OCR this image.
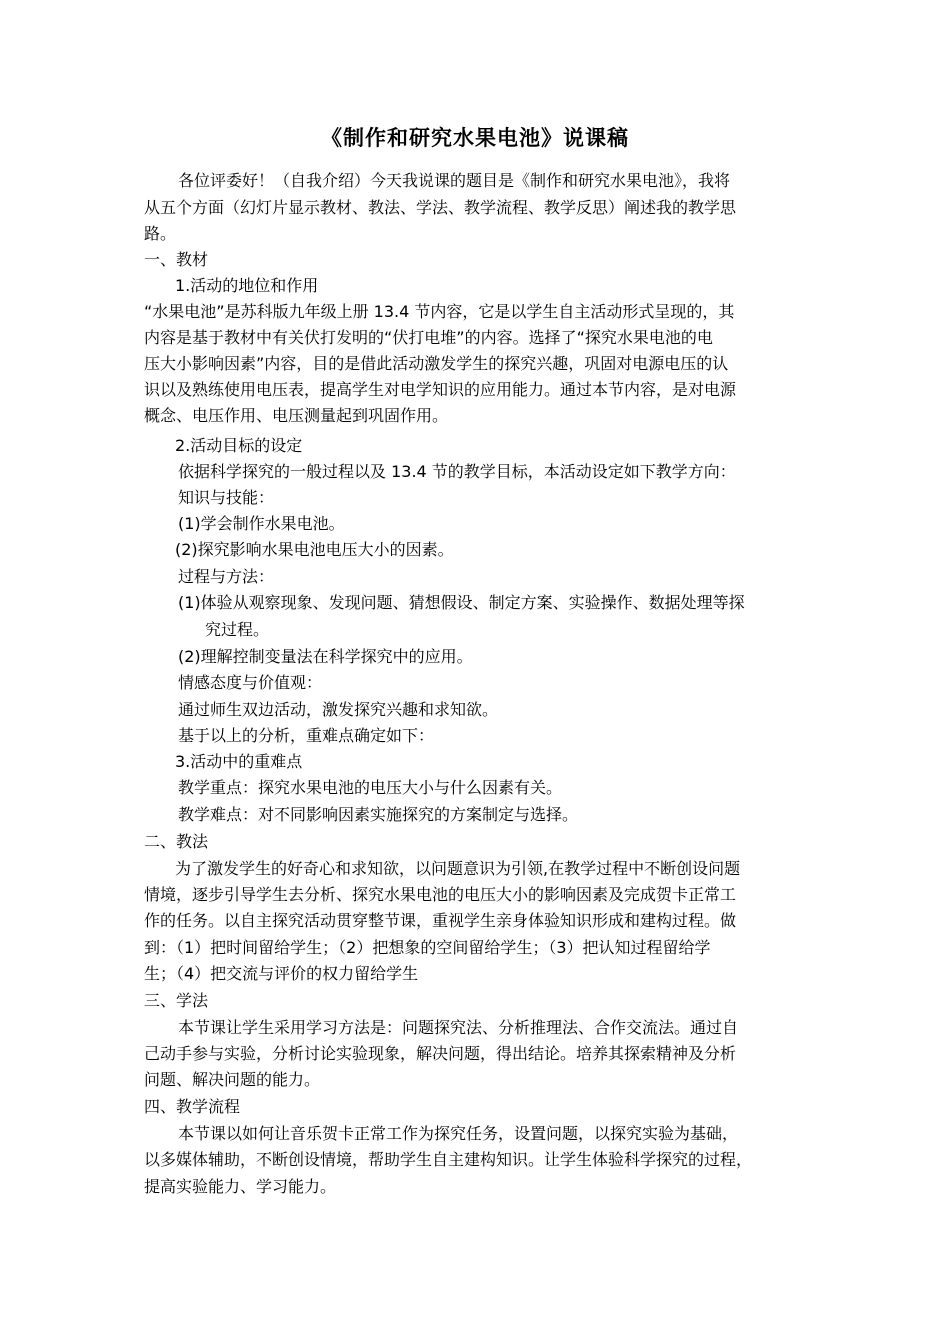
《制作和研究水果电池》说课稿
各位评委好！（自我介绍）今天我说课的题目是《制作和研究水果电池》，我将
从五个方面（幻灯片显示教材、教法、学法、教学流程、教学反思）阐述我的教学思
路。
一、教材
1.活动的地位和作用
“水果电池”是苏科版九年级上册 13.4 节内容，它是以学生自主活动形式呈现的，其
内容是基于教材中有关伏打发明的“伏打电堆”的内容。选择了“探究水果电池的电
压大小影响因素”内容，目的是借此活动激发学生的探究兴趣，巩固对电源电压的认
识以及熟练使用电压表，提高学生对电学知识的应用能力。通过本节内容，是对电源
概念、电压作用、电压测量起到巩固作用。
2.活动目标的设定
依据科学探究的一般过程以及 13.4 节的教学目标，本活动设定如下教学方向：
知识与技能：
(1)学会制作水果电池。
(2)探究影响水果电池电压大小的因素。
过程与方法：
(1)体验从观察现象、发现问题、猜想假设、制定方案、实验操作、数据处理等探
究过程。
(2)理解控制变量法在科学探究中的应用。
情感态度与价值观：
通过师生双边活动，激发探究兴趣和求知欲。
基于以上的分析，重难点确定如下：
3.活动中的重难点
教学重点：探究水果电池的电压大小与什么因素有关。
教学难点：对不同影响因素实施探究的方案制定与选择。
二、教法
为了激发学生的好奇心和求知欲，以问题意识为引领,在教学过程中不断创设问题
情境，逐步引导学生去分析、探究水果电池的电压大小的影响因素及完成贺卡正常工
作的任务。以自主探究活动贯穿整节课，重视学生亲身体验知识形成和建构过程。做
到：（1）把时间留给学生；（2）把想象的空间留给学生；（3）把认知过程留给学
生；（4）把交流与评价的权力留给学生
三、学法
本节课让学生采用学习方法是：问题探究法、分析推理法、合作交流法。通过自
己动手参与实验，分析讨论实验现象，解决问题，得出结论。培养其探索精神及分析
问题、解决问题的能力。
四、教学流程
本节课以如何让音乐贺卡正常工作为探究任务，设置问题，以探究实验为基础，
以多媒体辅助，不断创设情境，帮助学生自主建构知识。让学生体验科学探究的过程，
提高实验能力、学习能力。
